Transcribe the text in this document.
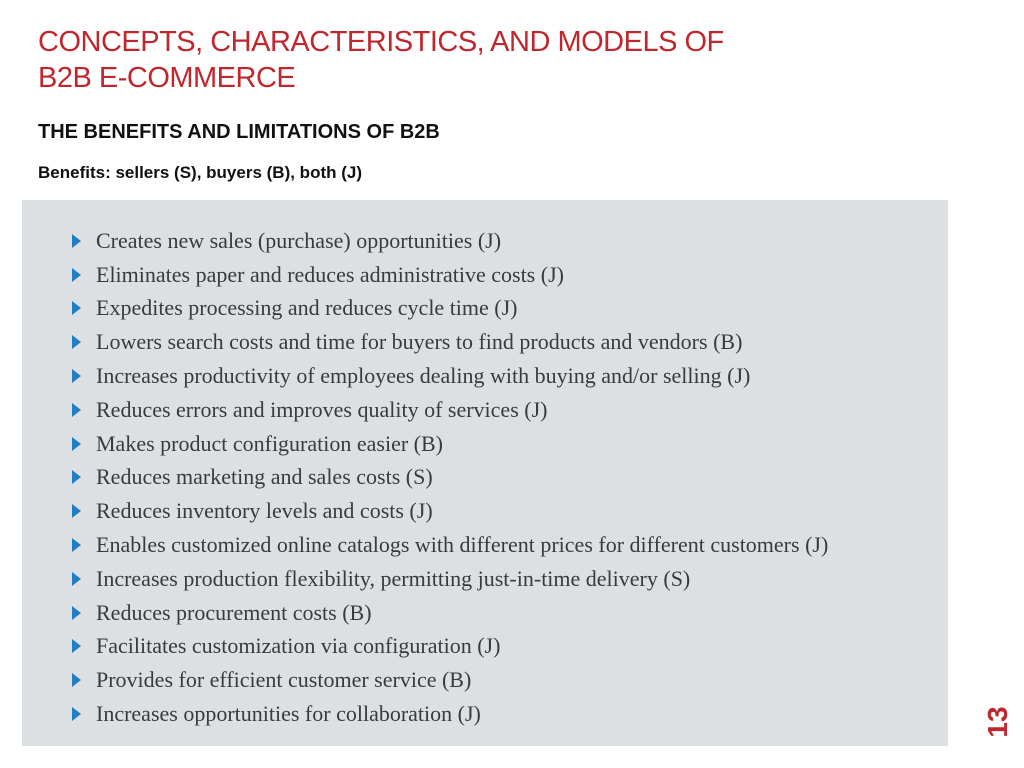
CONCEPTS, CHARACTERISTICS, AND MODELS OF
B2B E-COMMERCE
THE BENEFITS AND LIMITATIONS OF B2B

Benefits: sellers (S), buyers (B), both (J)

Creates new sales (purchase) opportunities (J)
Eliminates paper and reduces administrative costs (J)
Expedites processing and reduces cycle time (J)
Lowers search costs and time for buyers to find products and vendors (B)
Increases productivity of employees dealing with buying and/or selling (J)
Reduces errors and improves quality of services (J)
Makes product configuration easier (B)
Reduces marketing and sales costs (S)
Reduces inventory levels and costs (J)
Enables customized online catalogs with different prices for different customers (J)
Increases production flexibility, permitting just-in-time delivery (S)
Reduces procurement costs (B)
Facilitates customization via configuration (J)
Provides for efficient customer service (B)
Increases opportunities for collaboration (J)	13
